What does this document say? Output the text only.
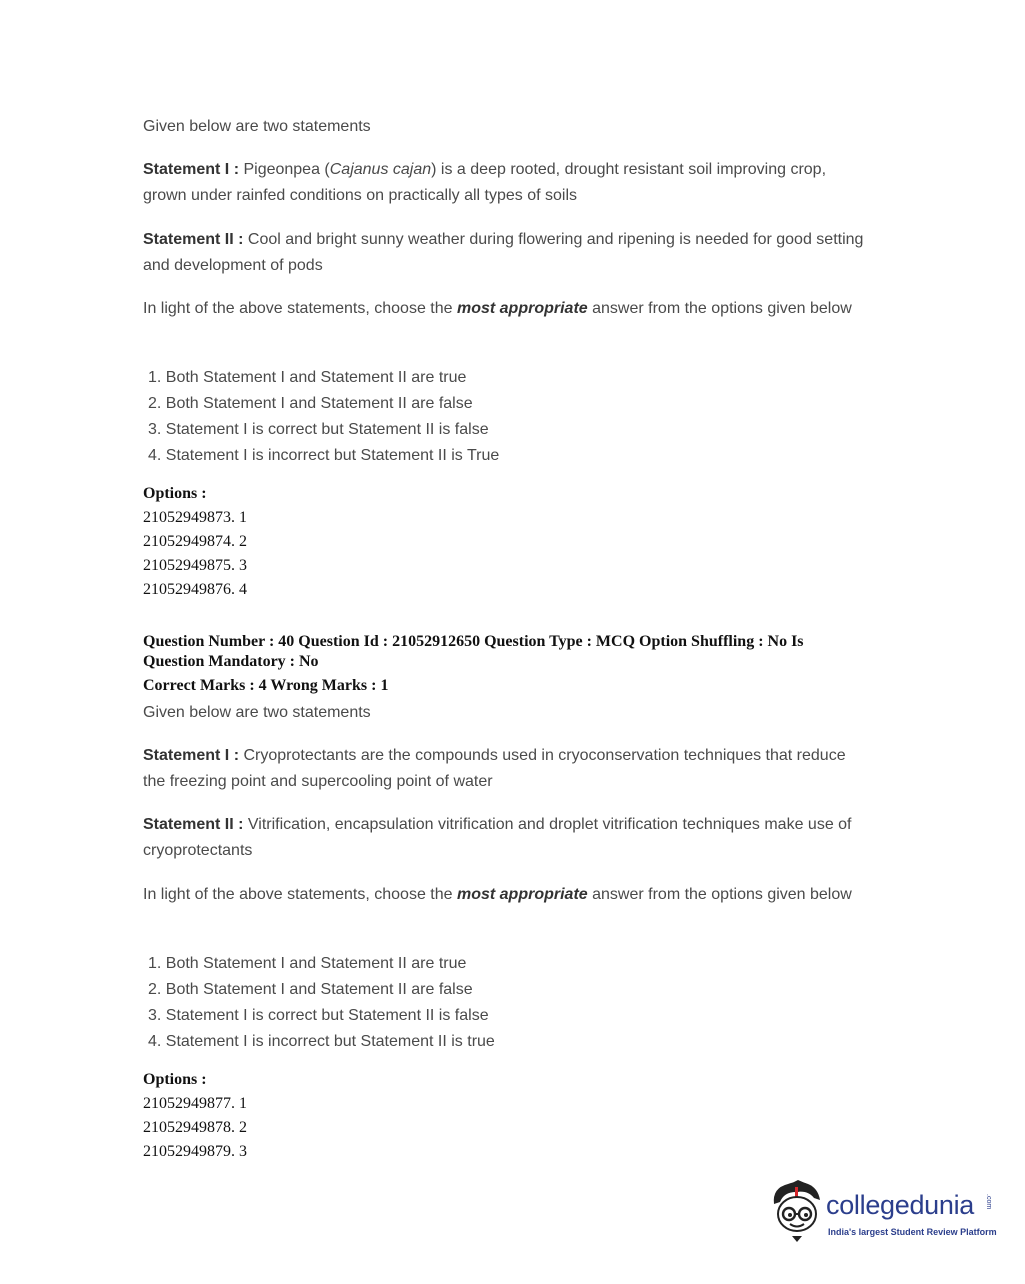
Given below are two statements

Statement I : Pigeonpea (Cajanus cajan) is a deep rooted, drought resistant soil improving crop, grown under rainfed conditions on practically all types of soils

Statement II : Cool and bright sunny weather during flowering and ripening is needed for good setting and development of pods

In light of the above statements, choose the most appropriate answer from the options given below

1. Both Statement I and Statement II are true
2. Both Statement I and Statement II are false
3. Statement I is correct but Statement II is false
4. Statement I is incorrect but Statement II is True
Options :
21052949873. 1
21052949874. 2
21052949875. 3
21052949876. 4
Question Number : 40 Question Id : 21052912650 Question Type : MCQ Option Shuffling : No Is Question Mandatory : No
Correct Marks : 4 Wrong Marks : 1

Given below are two statements

Statement I : Cryoprotectants are the compounds used in cryoconservation techniques that reduce the freezing point and supercooling point of water

Statement II : Vitrification, encapsulation vitrification and droplet vitrification techniques make use of cryoprotectants

In light of the above statements, choose the most appropriate answer from the options given below

1. Both Statement I and Statement II are true
2. Both Statement I and Statement II are false
3. Statement I is correct but Statement II is false
4. Statement I is incorrect but Statement II is true
Options :
21052949877. 1
21052949878. 2
21052949879. 3
collegedunia .com
India's largest Student Review Platform
